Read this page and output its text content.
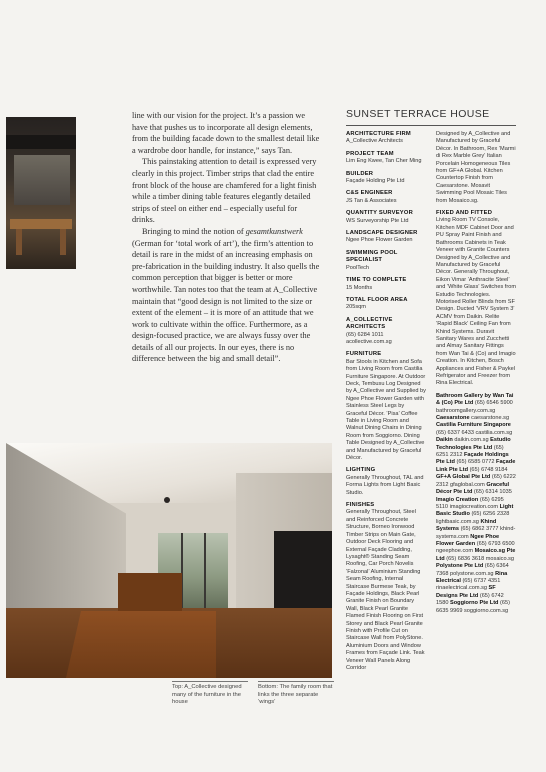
line with our vision for the project. It’s a passion we have that pushes us to incorporate all design elements, from the building facade down to the smallest detail like a wardrobe door handle, for instance,” says Tan.

This painstaking attention to detail is expressed very clearly in this project. Timber strips that clad the entire front block of the house are chamfered for a light finish while a timber dining table features elegantly detailed strips of steel on either end – especially useful for drinks.

Bringing to mind the notion of gesamtkunstwerk (German for ‘total work of art’), the firm’s attention to detail is rare in the midst of an increasing emphasis on pre-fabrication in the building industry. It also quells the common perception that bigger is better or more worthwhile. Tan notes too that the team at A_Collective maintain that “good design is not limited to the size or extent of the element – it is more of an attitude that we work to cultivate within the office. Furthermore, as a design-focused practice, we are always fussy over the details of all our projects. In our eyes, there is no difference between the big and small detail”.

SUNSET TERRACE HOUSE
ARCHITECTURE FIRM
A_Collective Architects
PROJECT TEAM
Lim Eng Kwee, Tan Cher Ming
BUILDER
Façade Holding Pte Ltd
C&S ENGINEER
JS Tan & Associates
QUANTITY SURVEYOR
WS Surveyorship Pte Ltd
LANDSCAPE DESIGNER
Ngee Phoe Flower Garden
SWIMMING POOL SPECIALIST
PoolTech
TIME TO COMPLETE
15 Months
TOTAL FLOOR AREA
205sqm
A_COLLECTIVE ARCHITECTS
(65) 6284 1011 acollective.com.sg
FURNITURE
Bar Stools in Kitchen and Sofa from Living Room from Castilia Furniture Singapore. At Outdoor Deck, Tembusu Log Designed by A_Collective and Supplied by Ngee Phoe Flower Garden with Stainless Steel Legs by Graceful Décor. ‘Pisa’ Coffee Table in Living Room and Walnut Dining Chairs in Dining Room from Soggiorno. Dining Table Designed by A_Collective and Manufactured by Graceful Décor.
LIGHTING
Generally Throughout, TAL and Forma Lights from Light Basic Studio.
FINISHES
Generally Throughout, Steel and Reinforced Concrete Structure, Borneo Ironwood Timber Strips on Main Gate, Outdoor Deck Flooring and External Façade Cladding, Lysaght® Standing Seam Roofing, Car Porch Novelis ‘Falzonal’ Aluminium Standing Seam Roofing, Internal Staircase Burmese Teak, by Façade Holdings, Black Pearl Granite Finish on Boundary Wall, Black Pearl Granite Flamed Finish Flooring on First Storey and Black Pearl Granite Finish with Profile Cut on Staircase Wall from PolyStone. Aluminium Doors and Window Frames from Façade Link. Teak Veneer Wall Panels Along Corridor
Designed by A_Collective and Manufactured by Graceful Décor. In Bathroom, Rex ‘Marmi di Rex Marble Grey’ Italian Porcelain Homogeneous Tiles from GF+A Global. Kitchen Countertop Finish from Caesarstone. Mosavit Swimming Pool Mosaic Tiles from Mosaico.sg.
FIXED AND FITTED
Living Room TV Console, Kitchen MDF Cabinet Door and PU Spray Paint Finish and Bathrooms Cabinets in Teak Veneer with Granite Counters Designed by A_Collective and Manufactured by Graceful Décor. Generally Throughout, Eikon Vimar ‘Anthracite Steel’ and ‘White Glass’ Switches from Estudio Technologies. Motorised Roller Blinds from SF Design. Ducted ‘VRV System 3’ ACMV from Daikin. Relite ‘Rapid Black’ Ceiling Fan from Khind Systems. Duravit Sanitary Wares and Zucchetti and Almay Sanitary Fittings from Wan Tai & (Co) and Imagio Creation. In Kitchen, Bosch Appliances and Fisher & Paykel Refrigerator and Freezer from Rina Electrical.
Bathroom Gallery by Wan Tai & (Co) Pte Ltd (65) 6546 5900 bathroomgallery.com.sg Caesarstone caesarstone.sg Castilia Furniture Singapore (65) 6337 6433 castilia.com.sg Daikin daikin.com.sg Estudio Technologies Pte Ltd (65) 6251 2312 Façade Holdings Pte Ltd (65) 6585 0772 Façade Link Pte Ltd (65) 6748 9184 GF+A Global Pte Ltd (65) 6222 2312 gfaglobal.com Graceful Décor Pte Ltd (65) 6314 1035 Imagio Creation (65) 6295 5110 imagiocreation.com Light Basic Studio (65) 6256 2328 lightbasic.com.sg Khind Systems (65) 6862 3777 khind-systems.com Ngee Phoe Flower Garden (65) 6793 6500 ngeephoe.com Mosaico.sg Pte Ltd (65) 6836 3618 mosaico.sg Polystone Pte Ltd (65) 6364 7368 polystone.com.sg Rina Electrical (65) 6737 4351 rinaelectrical.com.sg SF Designs Pte Ltd (65) 6742 1580 Soggiorno Pte Ltd (65) 6635 9969 soggiorno.com.sg
Top: A_Collective designed many of the furniture in the house
Bottom: The family room that links the three separate ‘wings’
